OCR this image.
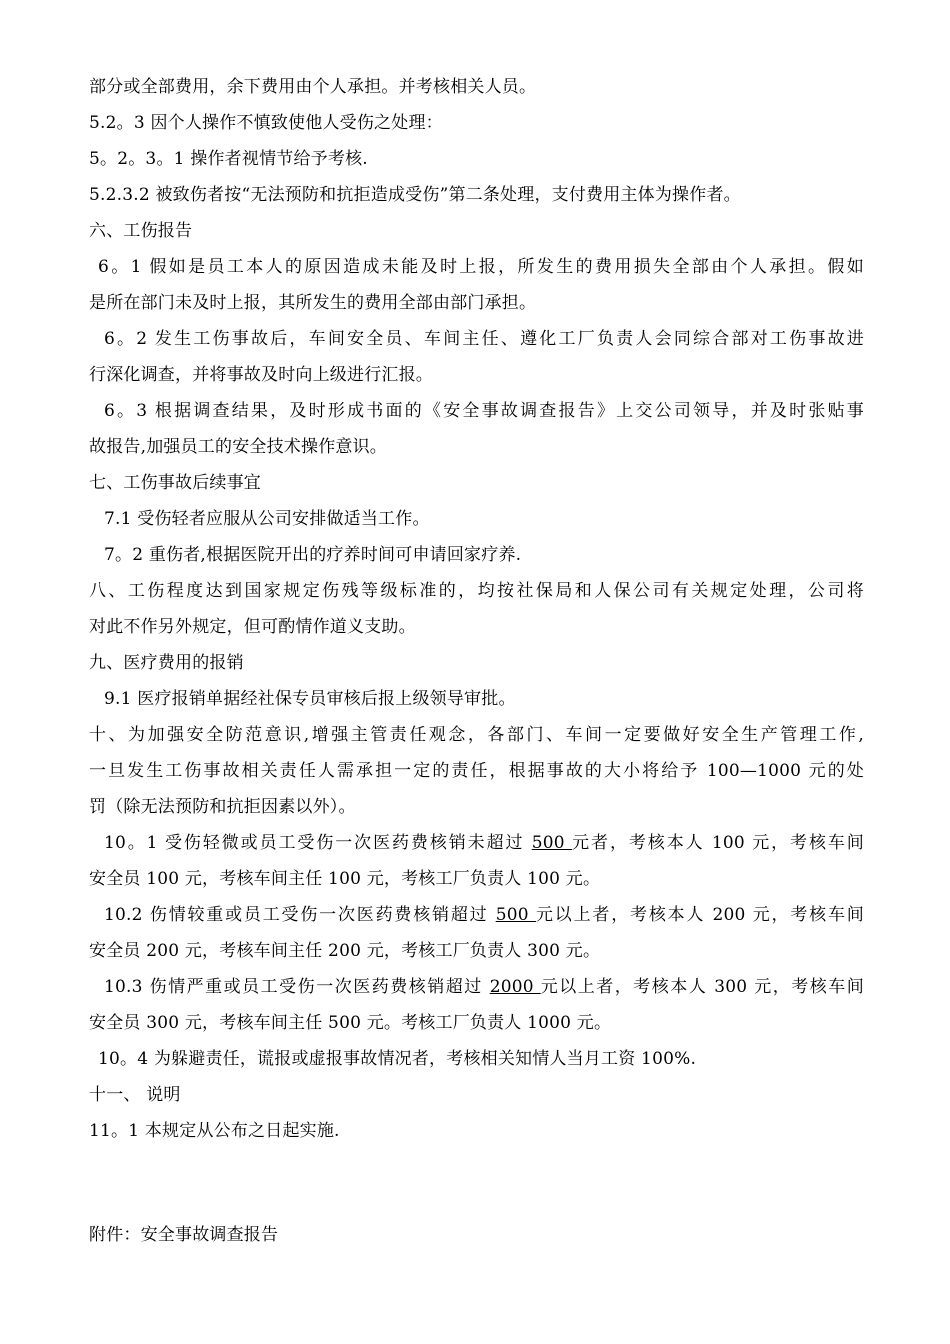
部分或全部费用，余下费用由个人承担。并考核相关人员。
5.2。3 因个人操作不慎致使他人受伤之处理：
5。2。3。1 操作者视情节给予考核.
5.2.3.2 被致伤者按“无法预防和抗拒造成受伤”第二条处理，支付费用主体为操作者。
六、工伤报告
6。1 假如是员工本人的原因造成未能及时上报，所发生的费用损失全部由个人承担。假如
是所在部门未及时上报，其所发生的费用全部由部门承担。
6。2 发生工伤事故后，车间安全员、车间主任、遵化工厂负责人会同综合部对工伤事故进
行深化调查，并将事故及时向上级进行汇报。
6。3 根据调查结果，及时形成书面的《安全事故调查报告》上交公司领导，并及时张贴事
故报告,加强员工的安全技术操作意识。
七、工伤事故后续事宜
7.1 受伤轻者应服从公司安排做适当工作。
7。2 重伤者,根据医院开出的疗养时间可申请回家疗养.
八、工伤程度达到国家规定伤残等级标准的，均按社保局和人保公司有关规定处理，公司将
对此不作另外规定，但可酌情作道义支助。
九、医疗费用的报销
9.1 医疗报销单据经社保专员审核后报上级领导审批。
十、为加强安全防范意识,增强主管责任观念，各部门、车间一定要做好安全生产管理工作,
一旦发生工伤事故相关责任人需承担一定的责任，根据事故的大小将给予 100—1000 元的处
罚（除无法预防和抗拒因素以外）。
10。1 受伤轻微或员工受伤一次医药费核销未超过 500 元者，考核本人 100 元，考核车间
安全员 100 元，考核车间主任 100 元，考核工厂负责人 100 元。
10.2 伤情较重或员工受伤一次医药费核销超过 500 元以上者，考核本人 200 元，考核车间
安全员 200 元，考核车间主任 200 元，考核工厂负责人 300 元。
10.3 伤情严重或员工受伤一次医药费核销超过 2000 元以上者，考核本人 300 元，考核车间
安全员 300 元，考核车间主任 500 元。考核工厂负责人 1000 元。
10。4 为躲避责任，谎报或虚报事故情况者，考核相关知情人当月工资 100%.
十一、 说明
11。1 本规定从公布之日起实施.
附件：安全事故调查报告
